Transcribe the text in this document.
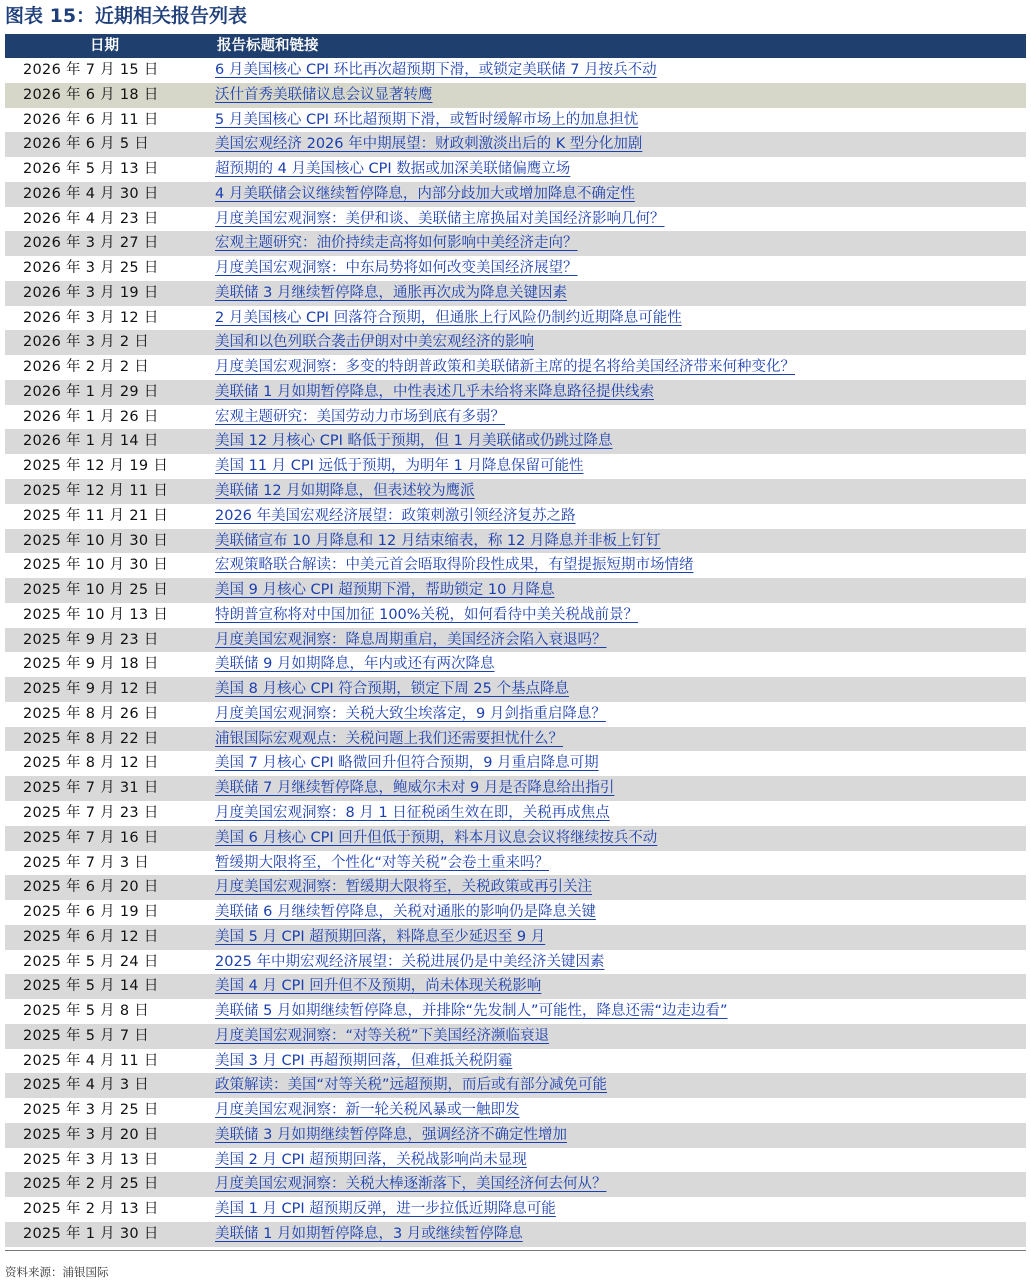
图表 15：近期相关报告列表
日期	报告标题和链接
2026 年 7 月 15 日	6 月美国核心 CPI 环比再次超预期下滑，或锁定美联储 7 月按兵不动
2026 年 6 月 18 日	沃什首秀美联储议息会议显著转鹰
2026 年 6 月 11 日	5 月美国核心 CPI 环比超预期下滑，或暂时缓解市场上的加息担忧
2026 年 6 月 5 日	美国宏观经济 2026 年中期展望：财政刺激淡出后的 K 型分化加剧
2026 年 5 月 13 日	超预期的 4 月美国核心 CPI 数据或加深美联储偏鹰立场
2026 年 4 月 30 日	4 月美联储会议继续暂停降息，内部分歧加大或增加降息不确定性
2026 年 4 月 23 日	月度美国宏观洞察：美伊和谈、美联储主席换届对美国经济影响几何？
2026 年 3 月 27 日	宏观主题研究：油价持续走高将如何影响中美经济走向？
2026 年 3 月 25 日	月度美国宏观洞察：中东局势将如何改变美国经济展望？
2026 年 3 月 19 日	美联储 3 月继续暂停降息，通胀再次成为降息关键因素
2026 年 3 月 12 日	2 月美国核心 CPI 回落符合预期，但通胀上行风险仍制约近期降息可能性
2026 年 3 月 2 日	美国和以色列联合袭击伊朗对中美宏观经济的影响
2026 年 2 月 2 日	月度美国宏观洞察：多变的特朗普政策和美联储新主席的提名将给美国经济带来何种变化？
2026 年 1 月 29 日	美联储 1 月如期暂停降息，中性表述几乎未给将来降息路径提供线索
2026 年 1 月 26 日	宏观主题研究：美国劳动力市场到底有多弱？
2026 年 1 月 14 日	美国 12 月核心 CPI 略低于预期，但 1 月美联储或仍跳过降息
2025 年 12 月 19 日	美国 11 月 CPI 远低于预期，为明年 1 月降息保留可能性
2025 年 12 月 11 日	美联储 12 月如期降息，但表述较为鹰派
2025 年 11 月 21 日	2026 年美国宏观经济展望：政策刺激引领经济复苏之路
2025 年 10 月 30 日	美联储宣布 10 月降息和 12 月结束缩表，称 12 月降息并非板上钉钉
2025 年 10 月 30 日	宏观策略联合解读：中美元首会晤取得阶段性成果，有望提振短期市场情绪
2025 年 10 月 25 日	美国 9 月核心 CPI 超预期下滑，帮助锁定 10 月降息
2025 年 10 月 13 日	特朗普宣称将对中国加征 100%关税，如何看待中美关税战前景？
2025 年 9 月 23 日	月度美国宏观洞察：降息周期重启，美国经济会陷入衰退吗？
2025 年 9 月 18 日	美联储 9 月如期降息，年内或还有两次降息
2025 年 9 月 12 日	美国 8 月核心 CPI 符合预期，锁定下周 25 个基点降息
2025 年 8 月 26 日	月度美国宏观洞察：关税大致尘埃落定，9 月剑指重启降息？
2025 年 8 月 22 日	浦银国际宏观观点：关税问题上我们还需要担忧什么？
2025 年 8 月 12 日	美国 7 月核心 CPI 略微回升但符合预期，9 月重启降息可期
2025 年 7 月 31 日	美联储 7 月继续暂停降息，鲍威尔未对 9 月是否降息给出指引
2025 年 7 月 23 日	月度美国宏观洞察：8 月 1 日征税函生效在即，关税再成焦点
2025 年 7 月 16 日	美国 6 月核心 CPI 回升但低于预期，料本月议息会议将继续按兵不动
2025 年 7 月 3 日	暂缓期大限将至，个性化“对等关税”会卷土重来吗？
2025 年 6 月 20 日	月度美国宏观洞察：暂缓期大限将至，关税政策或再引关注
2025 年 6 月 19 日	美联储 6 月继续暂停降息，关税对通胀的影响仍是降息关键
2025 年 6 月 12 日	美国 5 月 CPI 超预期回落，料降息至少延迟至 9 月
2025 年 5 月 24 日	2025 年中期宏观经济展望：关税进展仍是中美经济关键因素
2025 年 5 月 14 日	美国 4 月 CPI 回升但不及预期，尚未体现关税影响
2025 年 5 月 8 日	美联储 5 月如期继续暂停降息，并排除“先发制人”可能性，降息还需“边走边看”
2025 年 5 月 7 日	月度美国宏观洞察：“对等关税”下美国经济濒临衰退
2025 年 4 月 11 日	美国 3 月 CPI 再超预期回落，但难抵关税阴霾
2025 年 4 月 3 日	政策解读：美国“对等关税”远超预期，而后或有部分减免可能
2025 年 3 月 25 日	月度美国宏观洞察：新一轮关税风暴或一触即发
2025 年 3 月 20 日	美联储 3 月如期继续暂停降息，强调经济不确定性增加
2025 年 3 月 13 日	美国 2 月 CPI 超预期回落，关税战影响尚未显现
2025 年 2 月 25 日	月度美国宏观洞察：关税大棒逐渐落下，美国经济何去何从？
2025 年 2 月 13 日	美国 1 月 CPI 超预期反弹，进一步拉低近期降息可能
2025 年 1 月 30 日	美联储 1 月如期暂停降息，3 月或继续暂停降息
资料来源：浦银国际
